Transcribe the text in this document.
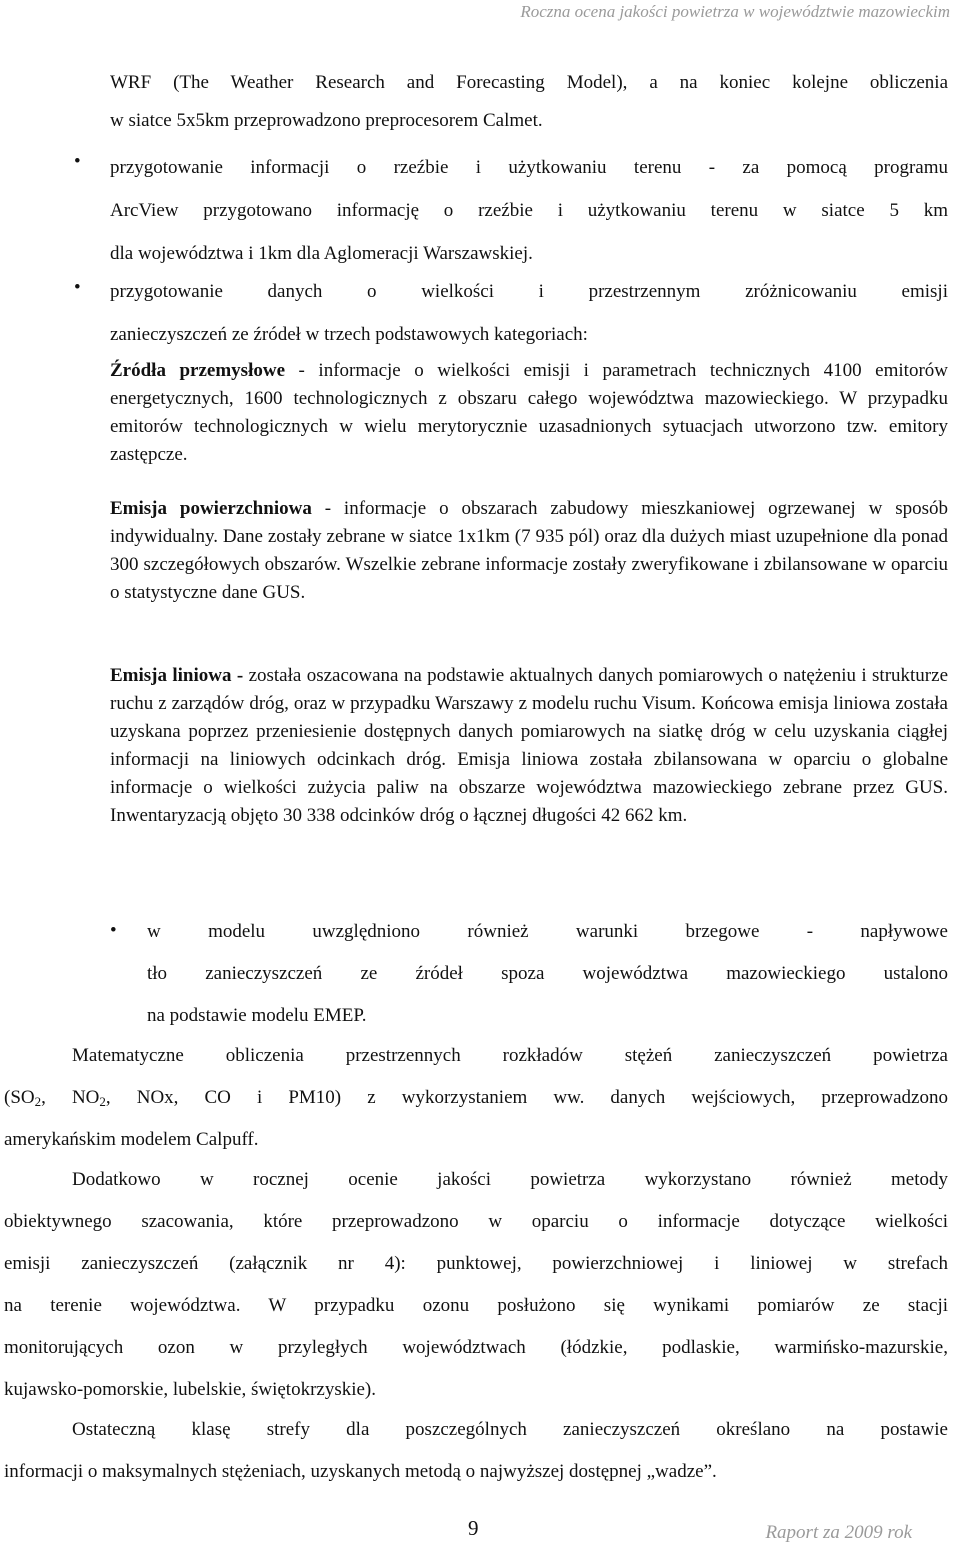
Roczna ocena jakości powietrza w województwie mazowieckim

WRF (The Weather Research and Forecasting Model), a na koniec kolejne obliczenia

w siatce 5x5km przeprowadzono preprocesorem Calmet.

• przygotowanie informacji o rzeźbie i użytkowaniu terenu - za pomocą programu

ArcView przygotowano informację o rzeźbie i użytkowaniu terenu w siatce 5 km

dla województwa i 1km dla Aglomeracji Warszawskiej.

• przygotowanie danych o wielkości i przestrzennym zróżnicowaniu emisji

zanieczyszczeń ze źródeł w trzech podstawowych kategoriach:

Źródła przemysłowe - informacje o wielkości emisji i parametrach technicznych 4100 emitorów energetycznych, 1600 technologicznych z obszaru całego województwa mazowieckiego. W przypadku emitorów technologicznych w wielu merytorycznie uzasadnionych sytuacjach utworzono tzw. emitory zastępcze.
Emisja powierzchniowa - informacje o obszarach zabudowy mieszkaniowej ogrzewanej w sposób indywidualny. Dane zostały zebrane w siatce 1x1km (7 935 pól) oraz dla dużych miast uzupełnione dla ponad 300 szczegółowych obszarów. Wszelkie zebrane informacje zostały zweryfikowane i zbilansowane w oparciu o statystyczne dane GUS.
Emisja liniowa - została oszacowana na podstawie aktualnych danych pomiarowych o natężeniu i strukturze ruchu z zarządów dróg, oraz w przypadku Warszawy z modelu ruchu Visum. Końcowa emisja liniowa została uzyskana poprzez przeniesienie dostępnych danych pomiarowych na siatkę dróg w celu uzyskania ciągłej informacji na liniowych odcinkach dróg. Emisja liniowa została zbilansowana w oparciu o globalne informacje o wielkości zużycia paliw na obszarze województwa mazowieckiego zebrane przez GUS. Inwentaryzacją objęto 30 338 odcinków dróg o łącznej długości 42 662 km.
• w modelu uwzględniono również warunki brzegowe - napływowe

tło zanieczyszczeń ze źródeł spoza województwa mazowieckiego ustalono

na podstawie modelu EMEP.

Matematyczne obliczenia przestrzennych rozkładów stężeń zanieczyszczeń powietrza

($SO_2$, $NO_2$, NOx, CO i PM10) z wykorzystaniem ww. danych wejściowych, przeprowadzono

amerykańskim modelem Calpuff.

Dodatkowo w rocznej ocenie jakości powietrza wykorzystano również metody

obiektywnego szacowania, które przeprowadzono w oparciu o informacje dotyczące wielkości

emisji zanieczyszczeń (załącznik nr 4): punktowej, powierzchniowej i liniowej w strefach

na terenie województwa. W przypadku ozonu posłużono się wynikami pomiarów ze stacji

monitorujących ozon w przyległych województwach (łódzkie, podlaskie, warmińsko-mazurskie,

kujawsko-pomorskie, lubelskie, świętokrzyskie).

Ostateczną klasę strefy dla poszczególnych zanieczyszczeń określano na postawie

informacji o maksymalnych stężeniach, uzyskanych metodą o najwyższej dostępnej „wadze”.

9	Raport za 2009 rok
